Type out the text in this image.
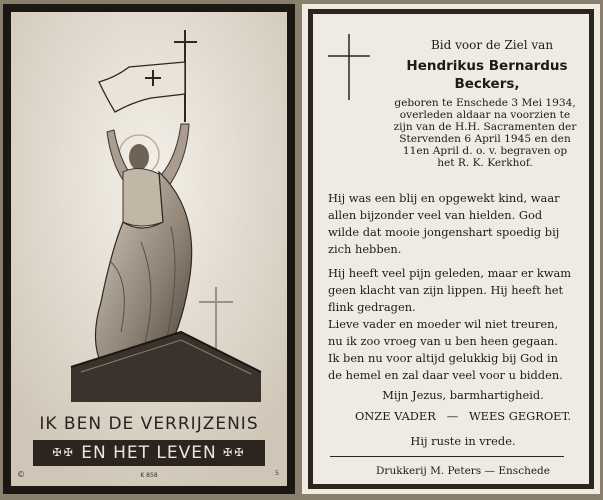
IK BEN DE VERRIJZENIS
✠✠ EN HET LEVEN ✠✠
©	K 858	5
Bid voor de Ziel van
Hendrikus Bernardus
Beckers,
geboren te Enschede 3 Mei 1934,
overleden aldaar na voorzien te
zijn van de H.H. Sacramenten der
Stervenden 6 April 1945 en den
11en April d. o. v. begraven op
het R. K. Kerkhof.
Hij was een blij en opgewekt kind, waar
allen bijzonder veel van hielden. God
wilde dat mooie jongenshart spoedig bij
zich hebben.
Hij heeft veel pijn geleden, maar er kwam
geen klacht van zijn lippen. Hij heeft het
flink gedragen.
Lieve vader en moeder wil niet treuren,
nu ik zoo vroeg van u ben heen gegaan.
Ik ben nu voor altijd gelukkig bij God in
de hemel en zal daar veel voor u bidden.
Mijn Jezus, barmhartigheid.
ONZE VADER — WEES GEGROET.
Hij ruste in vrede.
Drukkerij M. Peters — Enschede
